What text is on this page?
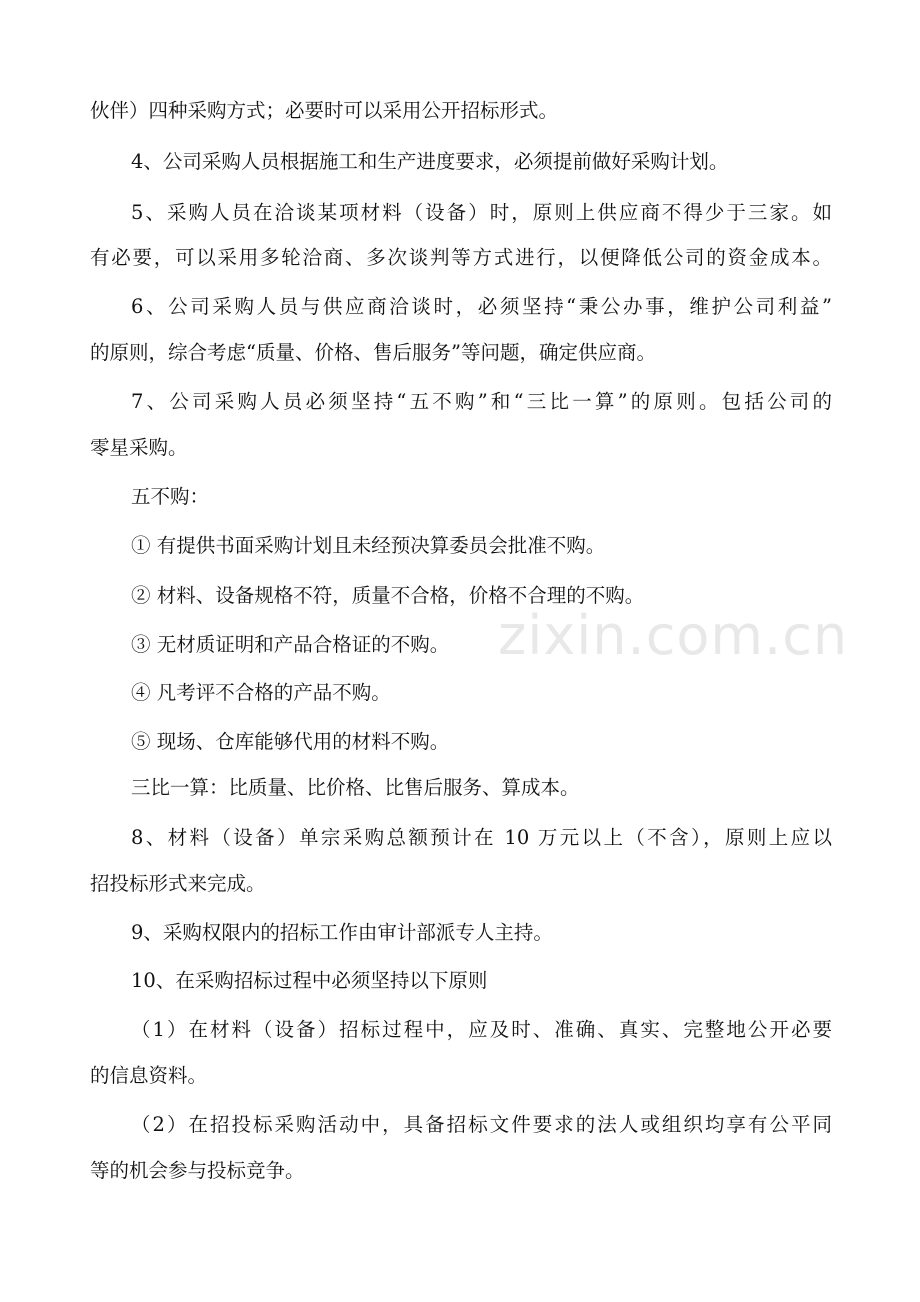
伙伴）四种采购方式；必要时可以采用公开招标形式。
4、公司采购人员根据施工和生产进度要求，必须提前做好采购计划。
5、采购人员在洽谈某项材料（设备）时，原则上供应商不得少于三家。如
有必要，可以采用多轮洽商、多次谈判等方式进行，以便降低公司的资金成本。
6、公司采购人员与供应商洽谈时，必须坚持“秉公办事，维护公司利益”
的原则，综合考虑“质量、价格、售后服务”等问题，确定供应商。
7、公司采购人员必须坚持“五不购”和“三比一算”的原则。包括公司的
零星采购。
五不购：
① 有提供书面采购计划且未经预决算委员会批准不购。
② 材料、设备规格不符，质量不合格，价格不合理的不购。
③ 无材质证明和产品合格证的不购。
④ 凡考评不合格的产品不购。
⑤ 现场、仓库能够代用的材料不购。
三比一算：比质量、比价格、比售后服务、算成本。
8、材料（设备）单宗采购总额预计在 10 万元以上（不含），原则上应以
招投标形式来完成。
9、采购权限内的招标工作由审计部派专人主持。
10、在采购招标过程中必须坚持以下原则
（1）在材料（设备）招标过程中，应及时、准确、真实、完整地公开必要
的信息资料。
（2）在招投标采购活动中，具备招标文件要求的法人或组织均享有公平同
等的机会参与投标竞争。
zixin.com.cn
